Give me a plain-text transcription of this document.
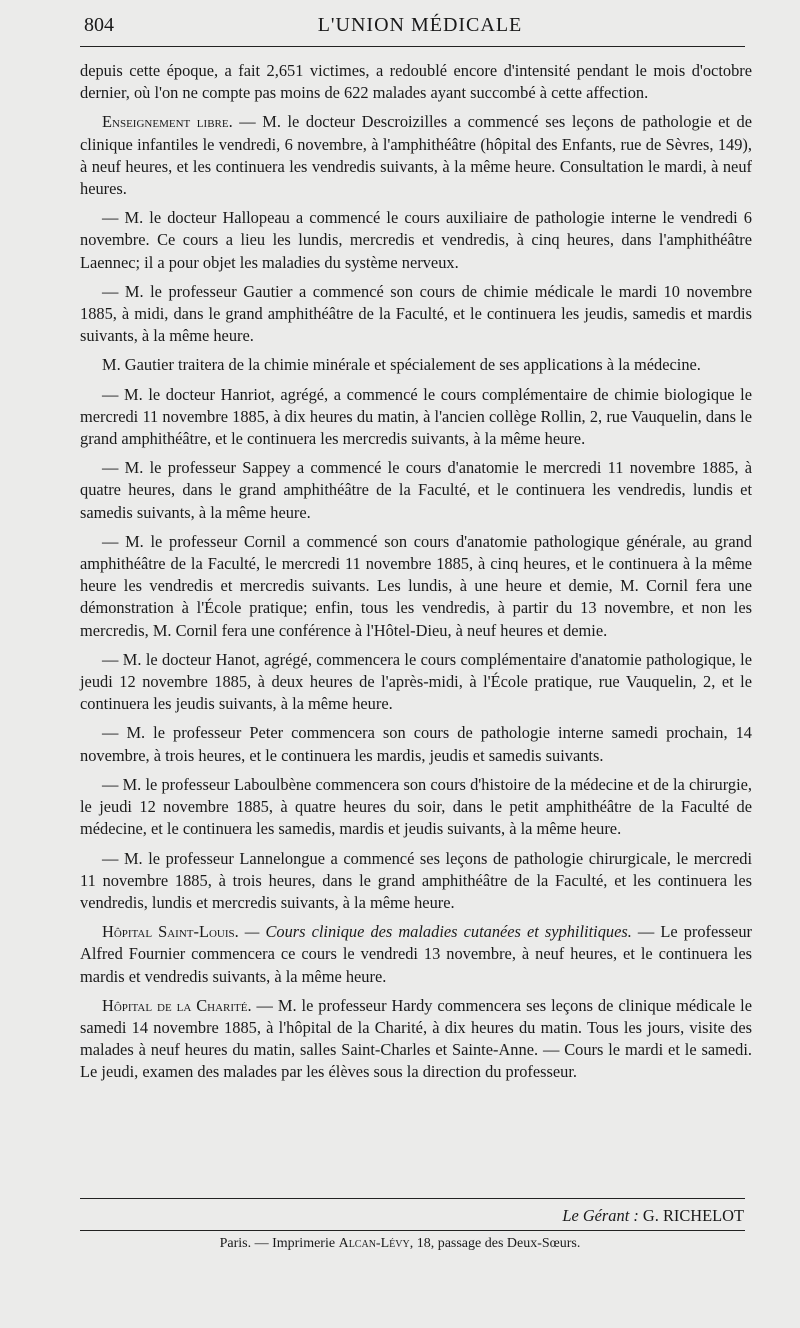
804	L'UNION MÉDICALE

depuis cette époque, a fait 2,651 victimes, a redoublé encore d'intensité pendant le mois d'octobre dernier, où l'on ne compte pas moins de 622 malades ayant succombé à cette affection.

Enseignement libre. — M. le docteur Descroizilles a commencé ses leçons de pathologie et de clinique infantiles le vendredi, 6 novembre, à l'amphithéâtre (hôpital des Enfants, rue de Sèvres, 149), à neuf heures, et les continuera les vendredis suivants, à la même heure. Consultation le mardi, à neuf heures.

— M. le docteur Hallopeau a commencé le cours auxiliaire de pathologie interne le vendredi 6 novembre. Ce cours a lieu les lundis, mercredis et vendredis, à cinq heures, dans l'amphithéâtre Laennec; il a pour objet les maladies du système nerveux.

— M. le professeur Gautier a commencé son cours de chimie médicale le mardi 10 novembre 1885, à midi, dans le grand amphithéâtre de la Faculté, et le continuera les jeudis, samedis et mardis suivants, à la même heure.

M. Gautier traitera de la chimie minérale et spécialement de ses applications à la médecine.

— M. le docteur Hanriot, agrégé, a commencé le cours complémentaire de chimie biologique le mercredi 11 novembre 1885, à dix heures du matin, à l'ancien collège Rollin, 2, rue Vauquelin, dans le grand amphithéâtre, et le continuera les mercredis suivants, à la même heure.

— M. le professeur Sappey a commencé le cours d'anatomie le mercredi 11 novembre 1885, à quatre heures, dans le grand amphithéâtre de la Faculté, et le continuera les vendredis, lundis et samedis suivants, à la même heure.

— M. le professeur Cornil a commencé son cours d'anatomie pathologique générale, au grand amphithéâtre de la Faculté, le mercredi 11 novembre 1885, à cinq heures, et le continuera à la même heure les vendredis et mercredis suivants. Les lundis, à une heure et demie, M. Cornil fera une démonstration à l'École pratique; enfin, tous les vendredis, à partir du 13 novembre, et non les mercredis, M. Cornil fera une conférence à l'Hôtel-Dieu, à neuf heures et demie.

— M. le docteur Hanot, agrégé, commencera le cours complémentaire d'anatomie pathologique, le jeudi 12 novembre 1885, à deux heures de l'après-midi, à l'École pratique, rue Vauquelin, 2, et le continuera les jeudis suivants, à la même heure.

— M. le professeur Peter commencera son cours de pathologie interne samedi prochain, 14 novembre, à trois heures, et le continuera les mardis, jeudis et samedis suivants.

— M. le professeur Laboulbène commencera son cours d'histoire de la médecine et de la chirurgie, le jeudi 12 novembre 1885, à quatre heures du soir, dans le petit amphithéâtre de la Faculté de médecine, et le continuera les samedis, mardis et jeudis suivants, à la même heure.

— M. le professeur Lannelongue a commencé ses leçons de pathologie chirurgicale, le mercredi 11 novembre 1885, à trois heures, dans le grand amphithéâtre de la Faculté, et les continuera les vendredis, lundis et mercredis suivants, à la même heure.

Hôpital Saint-Louis. — Cours clinique des maladies cutanées et syphilitiques. — Le professeur Alfred Fournier commencera ce cours le vendredi 13 novembre, à neuf heures, et le continuera les mardis et vendredis suivants, à la même heure.

Hôpital de la Charité. — M. le professeur Hardy commencera ses leçons de clinique médicale le samedi 14 novembre 1885, à l'hôpital de la Charité, à dix heures du matin. Tous les jours, visite des malades à neuf heures du matin, salles Saint-Charles et Sainte-Anne. — Cours le mardi et le samedi. Le jeudi, examen des malades par les élèves sous la direction du professeur.

Le Gérant : G. RICHELOT
Paris. — Imprimerie Alcan-Lévy, 18, passage des Deux-Sœurs.
